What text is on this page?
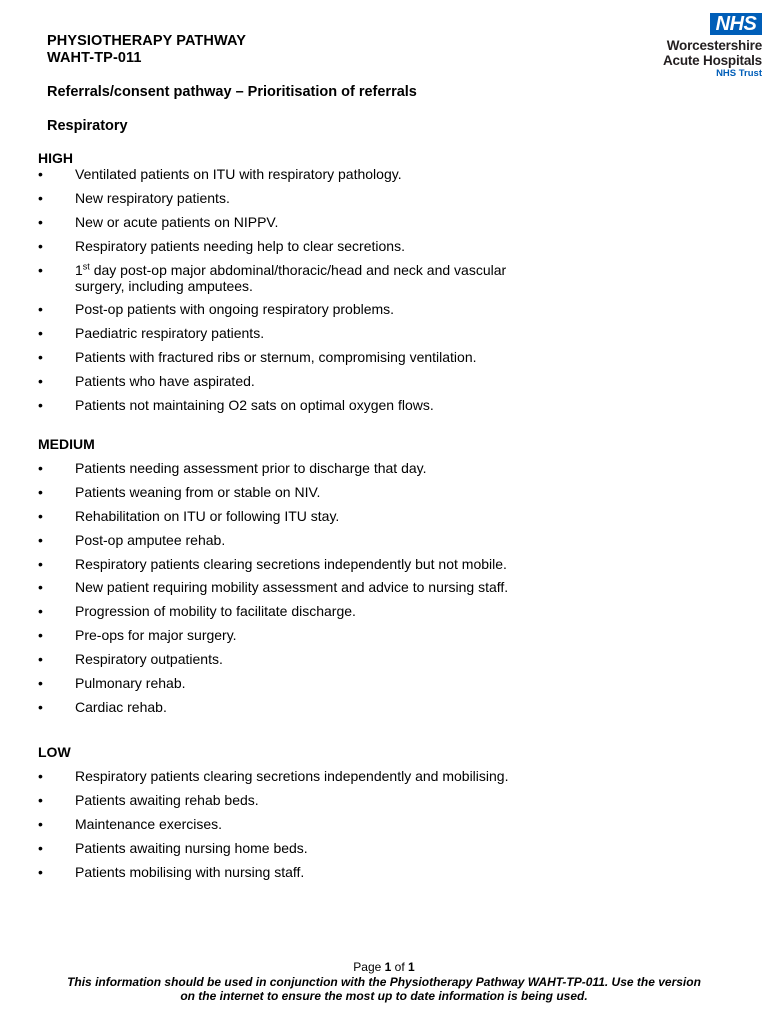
PHYSIOTHERAPY PATHWAY
WAHT-TP-011
Referrals/consent pathway – Prioritisation of referrals
Respiratory
NHS
Worcestershire
Acute Hospitals
NHS Trust
HIGH
•	Ventilated patients on ITU with respiratory pathology.
•	New respiratory patients.
•	New or acute patients on NIPPV.
•	Respiratory patients needing help to clear secretions.
•	1st day post-op major abdominal/thoracic/head and neck and vascular
surgery, including amputees.
•	Post-op patients with ongoing respiratory problems.
•	Paediatric respiratory patients.
•	Patients with fractured ribs or sternum, compromising ventilation.
•	Patients who have aspirated.
•	Patients not maintaining O2 sats on optimal oxygen flows.
MEDIUM
•	Patients needing assessment prior to discharge that day.
•	Patients weaning from or stable on NIV.
•	Rehabilitation on ITU or following ITU stay.
•	Post-op amputee rehab.
•	Respiratory patients clearing secretions independently but not mobile.
•	New patient requiring mobility assessment and advice to nursing staff.
•	Progression of mobility to facilitate discharge.
•	Pre-ops for major surgery.
•	Respiratory outpatients.
•	Pulmonary rehab.
•	Cardiac rehab.
LOW
•	Respiratory patients clearing secretions independently and mobilising.
•	Patients awaiting rehab beds.
•	Maintenance exercises.
•	Patients awaiting nursing home beds.
•	Patients mobilising with nursing staff.
Page 1 of 1
This information should be used in conjunction with the Physiotherapy Pathway WAHT-TP-011. Use the version on the internet to ensure the most up to date information is being used.
